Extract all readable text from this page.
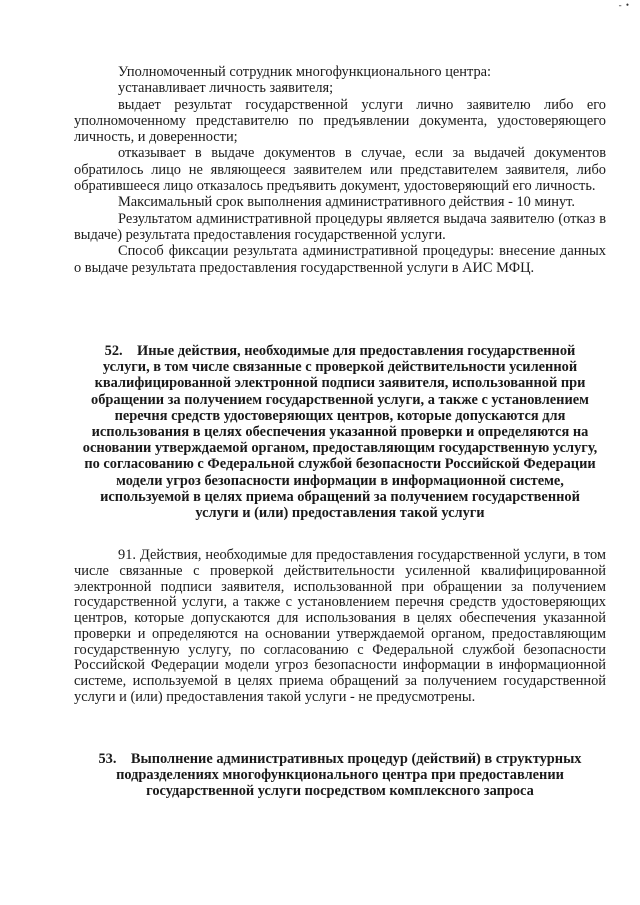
- •

Уполномоченный сотрудник многофункционального центра:

устанавливает личность заявителя;

выдает результат государственной услуги лично заявителю либо его уполномоченному представителю по предъявлении документа, удостоверяющего личность, и доверенности;

отказывает в выдаче документов в случае, если за выдачей документов обратилось лицо не являющееся заявителем или представителем заявителя, либо обратившееся лицо отказалось предъявить документ, удостоверяющий его личность.

Максимальный срок выполнения административного действия - 10 минут.

Результатом административной процедуры является выдача заявителю (отказ в выдаче) результата предоставления государственной услуги.

Способ фиксации результата административной процедуры: внесение данных о выдаче результата предоставления государственной услуги в АИС МФЦ.

52. Иные действия, необходимые для предоставления государственной услуги, в том числе связанные с проверкой действительности усиленной квалифицированной электронной подписи заявителя, использованной при обращении за получением государственной услуги, а также с установлением перечня средств удостоверяющих центров, которые допускаются для использования в целях обеспечения указанной проверки и определяются на основании утверждаемой органом, предоставляющим государственную услугу, по согласованию с Федеральной службой безопасности Российской Федерации модели угроз безопасности информации в информационной системе, используемой в целях приема обращений за получением государственной услуги и (или) предоставления такой услуги

91. Действия, необходимые для предоставления государственной услуги, в том числе связанные с проверкой действительности усиленной квалифицированной электронной подписи заявителя, использованной при обращении за получением государственной услуги, а также с установлением перечня средств удостоверяющих центров, которые допускаются для использования в целях обеспечения указанной проверки и определяются на основании утверждаемой органом, предоставляющим государственную услугу, по согласованию с Федеральной службой безопасности Российской Федерации модели угроз безопасности информации в информационной системе, используемой в целях приема обращений за получением государственной услуги и (или) предоставления такой услуги - не предусмотрены.

53. Выполнение административных процедур (действий) в структурных подразделениях многофункционального центра при предоставлении государственной услуги посредством комплексного запроса
